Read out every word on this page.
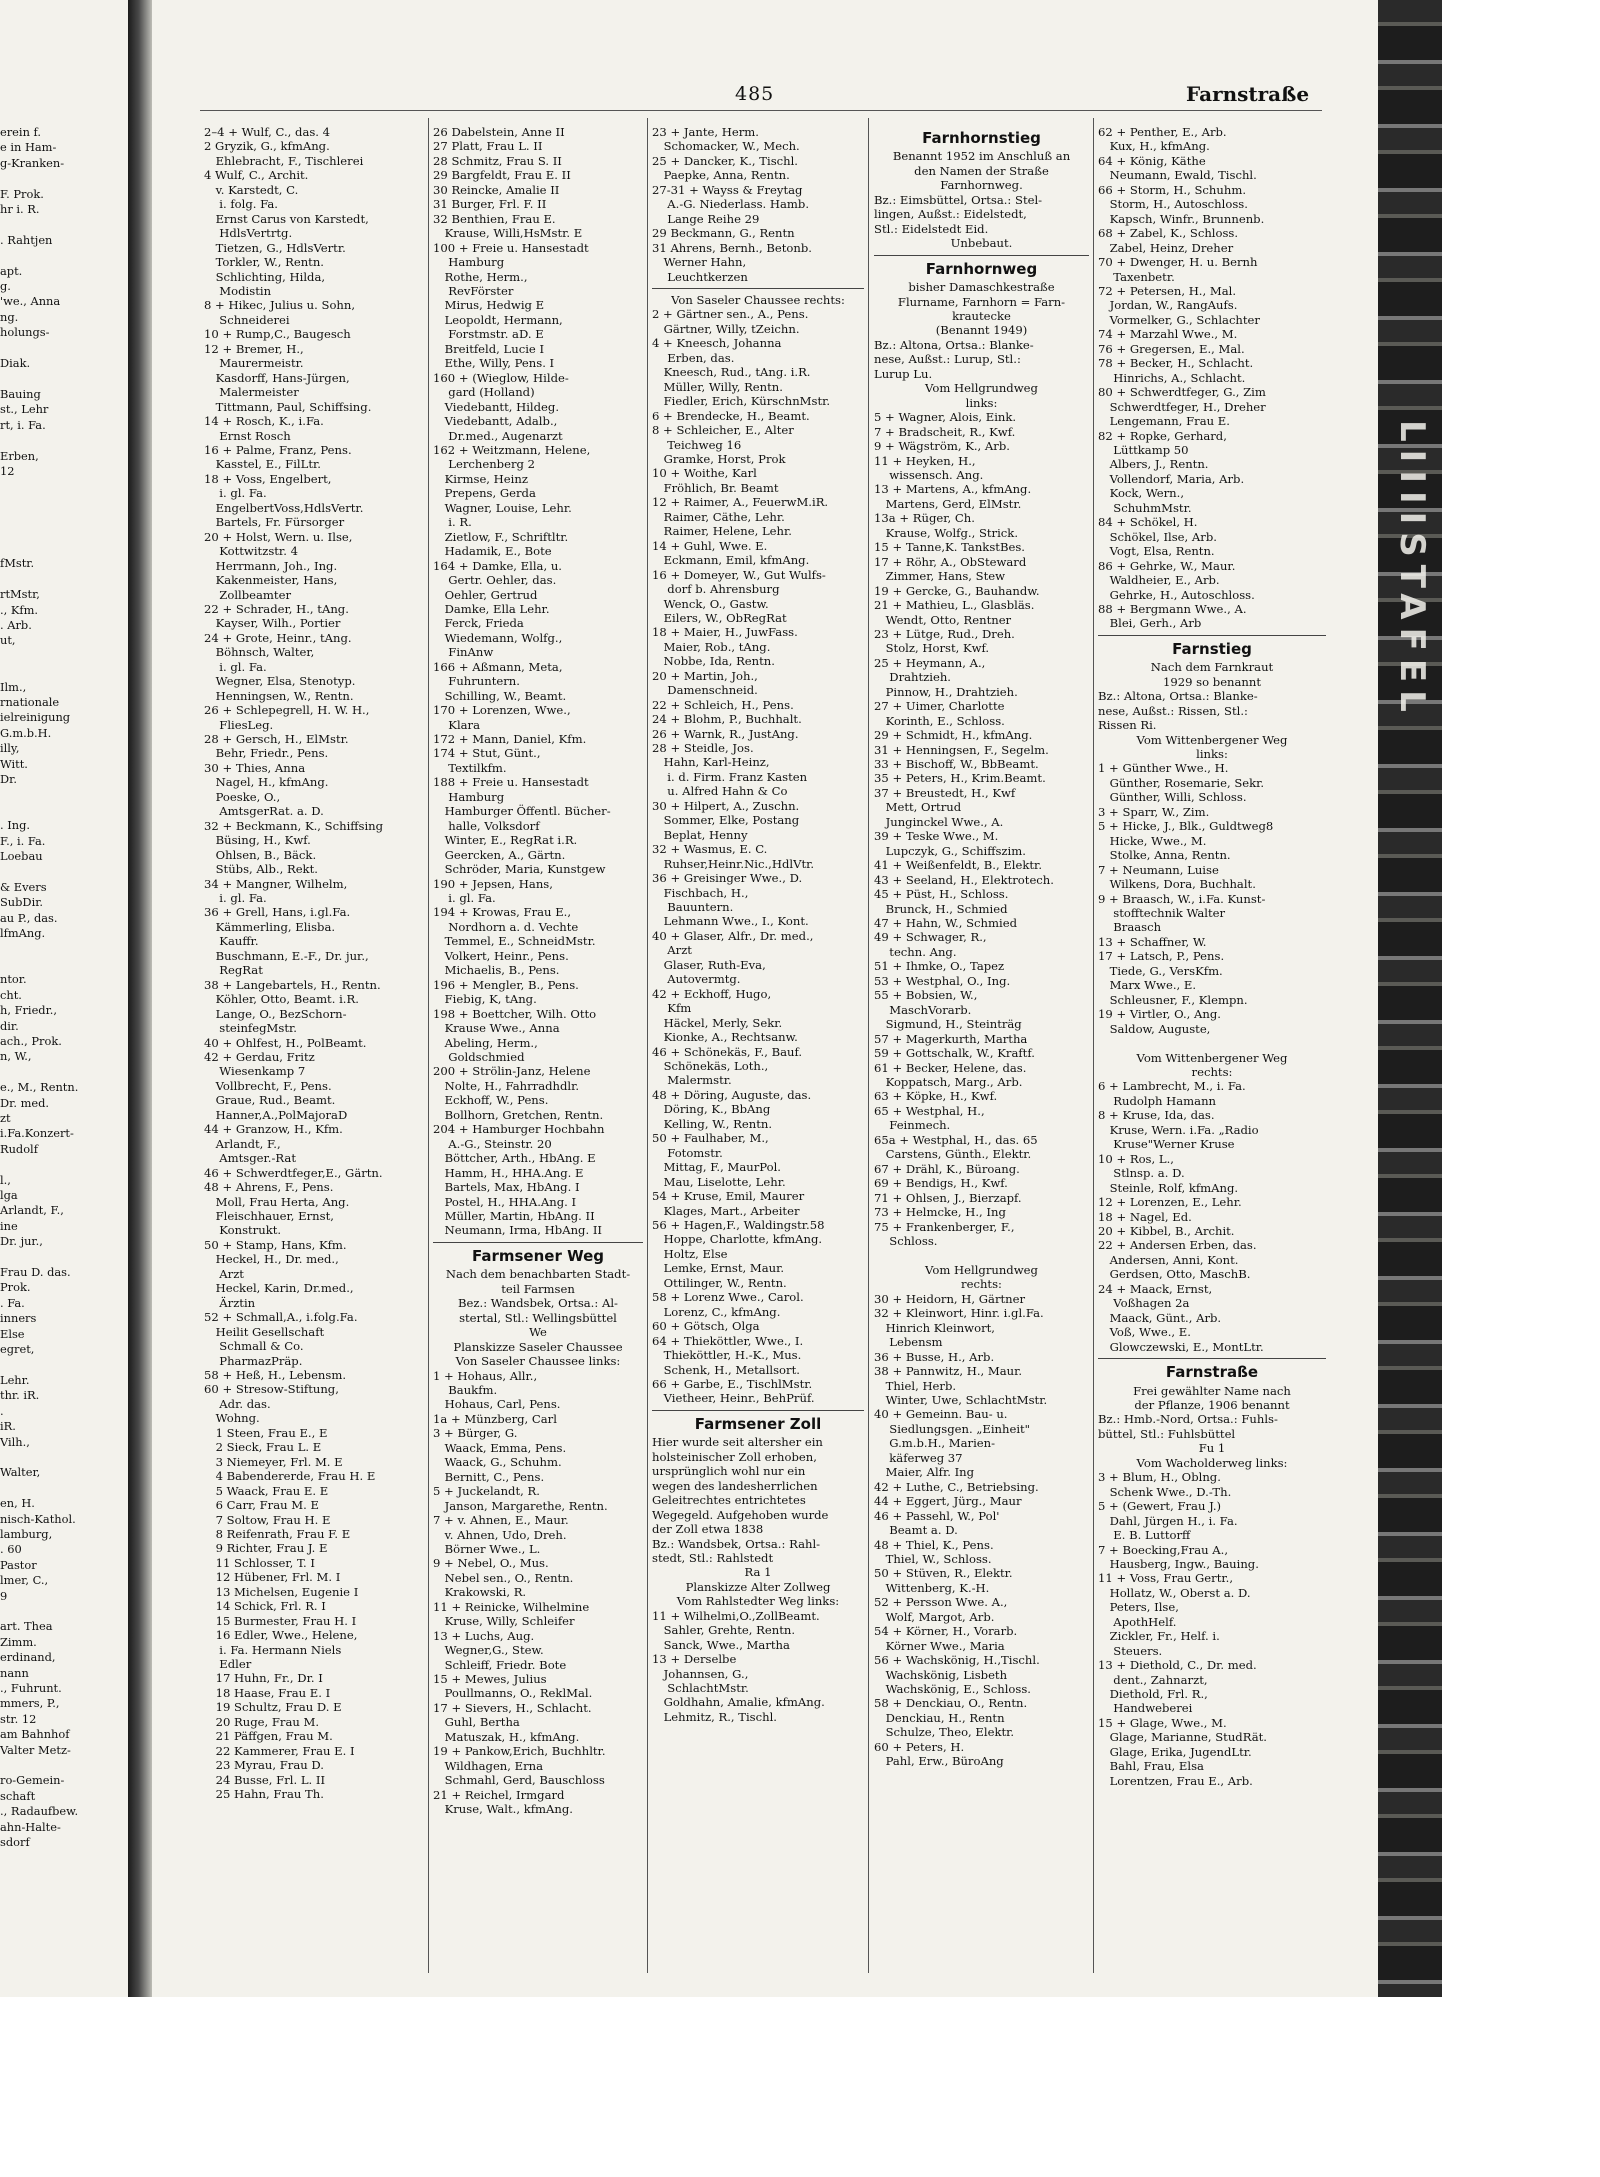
erein f.
e in Ham-
g-Kranken-

F. Prok.
hr i. R.

. Rahtjen

apt.
g.
'we., Anna
ng.
holungs-

Diak.

Bauing
st., Lehr
rt, i. Fa.

Erben,
12

fMstr.

rtMstr,
., Kfm.
. Arb.
ut,

Ilm.,
rnationale
ielreinigung
G.m.b.H.
illy,
Witt.
Dr.

. Ing.
F., i. Fa.
Loebau

& Evers
SubDir.
au P., das.
lfmAng.

ntor.
cht.
h, Friedr.,
dir.
ach., Prok.
n, W.,

e., M., Rentn.
Dr. med.
zt
i.Fa.Konzert-
Rudolf

l.,
lga
Arlandt, F.,
ine
Dr. jur.,

Frau D. das.
Prok.
. Fa.
inners
Else
egret,

Lehr.
thr. iR.
.
iR.
Vilh.,

Walter,

en, H.
nisch-Kathol.
lamburg,
. 60
Pastor
lmer, C.,
9

art. Thea
Zimm.
erdinand,
nann
., Fuhrunt.
mmers, P.,
str. 12
am Bahnhof
Valter Metz-

ro-Gemein-
schaft
., Radaufbew.
ahn-Halte-
sdorf
485	Farnstraße
2–4 + Wulf, C., das. 4
2 Gryzik, G., kfmAng.
 Ehlebracht, F., Tischlerei
4 Wulf, C., Archit.
 v. Karstedt, C.
  i. folg. Fa.
 Ernst Carus von Karstedt,
  HdlsVertrtg.
 Tietzen, G., HdlsVertr.
 Torkler, W., Rentn.
 Schlichting, Hilda,
  Modistin
8 + Hikec, Julius u. Sohn,
  Schneiderei
10 + Rump,C., Baugesch
12 + Bremer, H.,
  Maurermeistr.
 Kasdorff, Hans-Jürgen,
  Malermeister
 Tittmann, Paul, Schiffsing.
14 + Rosch, K., i.Fa.
  Ernst Rosch
16 + Palme, Franz, Pens.
 Kasstel, E., FilLtr.
18 + Voss, Engelbert,
  i. gl. Fa.
 EngelbertVoss,HdlsVertr.
 Bartels, Fr. Fürsorger
20 + Holst, Wern. u. Ilse,
  Kottwitzstr. 4
 Herrmann, Joh., Ing.
 Kakenmeister, Hans,
  Zollbeamter
22 + Schrader, H., tAng.
 Kayser, Wilh., Portier
24 + Grote, Heinr., tAng.
 Böhnsch, Walter,
  i. gl. Fa.
 Wegner, Elsa, Stenotyp.
 Henningsen, W., Rentn.
26 + Schlepegrell, H. W. H.,
  FliesLeg.
28 + Gersch, H., ElMstr.
 Behr, Friedr., Pens.
30 + Thies, Anna
 Nagel, H., kfmAng.
 Poeske, O.,
  AmtsgerRat. a. D.
32 + Beckmann, K., Schiffsing
 Büsing, H., Kwf.
 Ohlsen, B., Bäck.
 Stübs, Alb., Rekt.
34 + Mangner, Wilhelm,
  i. gl. Fa.
36 + Grell, Hans, i.gl.Fa.
 Kämmerling, Elisba.
  Kauffr.
 Buschmann, E.-F., Dr. jur.,
  RegRat
38 + Langebartels, H., Rentn.
 Köhler, Otto, Beamt. i.R.
 Lange, O., BezSchorn-
  steinfegMstr.
40 + Ohlfest, H., PolBeamt.
42 + Gerdau, Fritz
  Wiesenkamp 7
 Vollbrecht, F., Pens.
 Graue, Rud., Beamt.
 Hanner,A.,PolMajoraD
44 + Granzow, H., Kfm.
 Arlandt, F.,
  Amtsger.-Rat
46 + Schwerdtfeger,E., Gärtn.
48 + Ahrens, F., Pens.
 Moll, Frau Herta, Ang.
 Fleischhauer, Ernst,
  Konstrukt.
50 + Stamp, Hans, Kfm.
 Heckel, H., Dr. med.,
  Arzt
 Heckel, Karin, Dr.med.,
  Ärztin
52 + Schmall,A., i.folg.Fa.
 Heilit Gesellschaft
  Schmall & Co.
  PharmazPräp.
58 + Heß, H., Lebensm.
60 + Stresow-Stiftung,
  Adr. das.
 Wohng.
 1 Steen, Frau E., E
 2 Sieck, Frau L. E
 3 Niemeyer, Frl. M. E
 4 Babendererde, Frau H. E
 5 Waack, Frau E. E
 6 Carr, Frau M. E
 7 Soltow, Frau H. E
 8 Reifenrath, Frau F. E
 9 Richter, Frau J. E
 11 Schlosser, T. I
 12 Hübener, Frl. M. I
 13 Michelsen, Eugenie I
 14 Schick, Frl. R. I
 15 Burmester, Frau H. I
 16 Edler, Wwe., Helene,
  i. Fa. Hermann Niels
  Edler
 17 Huhn, Fr., Dr. I
 18 Haase, Frau E. I
 19 Schultz, Frau D. E
 20 Ruge, Frau M.
 21 Päffgen, Frau M.
 22 Kammerer, Frau E. I
 23 Myrau, Frau D.
 24 Busse, Frl. L. II
 25 Hahn, Frau Th.
26 Dabelstein, Anne II
27 Platt, Frau L. II
28 Schmitz, Frau S. II
29 Bargfeldt, Frau E. II
30 Reincke, Amalie II
31 Burger, Frl. F. II
32 Benthien, Frau E.
 Krause, Willi,HsMstr. E
100 + Freie u. Hansestadt
  Hamburg
 Rothe, Herm.,
  RevFörster
 Mirus, Hedwig E
 Leopoldt, Hermann,
  Forstmstr. aD. E
 Breitfeld, Lucie I
 Ethe, Willy, Pens. I
160 + (Wieglow, Hilde-
  gard (Holland)
 Viedebantt, Hildeg.
 Viedebantt, Adalb.,
  Dr.med., Augenarzt
162 + Weitzmann, Helene,
  Lerchenberg 2
 Kirmse, Heinz
 Prepens, Gerda
 Wagner, Louise, Lehr.
  i. R.
 Zietlow, F., Schriftltr.
 Hadamik, E., Bote
164 + Damke, Ella, u.
  Gertr. Oehler, das.
 Oehler, Gertrud
 Damke, Ella Lehr.
 Ferck, Frieda
 Wiedemann, Wolfg.,
  FinAnw
166 + Aßmann, Meta,
  Fuhruntern.
 Schilling, W., Beamt.
170 + Lorenzen, Wwe.,
  Klara
172 + Mann, Daniel, Kfm.
174 + Stut, Günt.,
  Textilkfm.
188 + Freie u. Hansestadt
  Hamburg
 Hamburger Öffentl. Bücher-
  halle, Volksdorf
 Winter, E., RegRat i.R.
 Geercken, A., Gärtn.
 Schröder, Maria, Kunstgew
190 + Jepsen, Hans,
  i. gl. Fa.
194 + Krowas, Frau E.,
  Nordhorn a. d. Vechte
 Temmel, E., SchneidMstr.
 Volkert, Heinr., Pens.
 Michaelis, B., Pens.
196 + Mengler, B., Pens.
 Fiebig, K, tAng.
198 + Boettcher, Wilh. Otto
 Krause Wwe., Anna
 Abeling, Herm.,
  Goldschmied
200 + Strölin-Janz, Helene
 Nolte, H., Fahrradhdlr.
 Eckhoff, W., Pens.
 Bollhorn, Gretchen, Rentn.
204 + Hamburger Hochbahn
  A.-G., Steinstr. 20
 Böttcher, Arth., HbAng. E
 Hamm, H., HHA.Ang. E
 Bartels, Max, HbAng. I
 Postel, H., HHA.Ang. I
 Müller, Martin, HbAng. II
 Neumann, Irma, HbAng. II
Farmsener Weg
Nach dem benachbarten Stadt-
teil Farmsen
Bez.: Wandsbek, Ortsa.: Al-
stertal, Stl.: Wellingsbüttel
We
Planskizze Saseler Chaussee
Von Saseler Chaussee links:
1 + Hohaus, Allr.,
  Baukfm.
 Hohaus, Carl, Pens.
1a + Münzberg, Carl
3 + Bürger, G.
 Waack, Emma, Pens.
 Waack, G., Schuhm.
 Bernitt, C., Pens.
5 + Juckelandt, R.
 Janson, Margarethe, Rentn.
7 + v. Ahnen, E., Maur.
 v. Ahnen, Udo, Dreh.
 Börner Wwe., L.
9 + Nebel, O., Mus.
 Nebel sen., O., Rentn.
 Krakowski, R.
11 + Reinicke, Wilhelmine
 Kruse, Willy, Schleifer
13 + Luchs, Aug.
 Wegner,G., Stew.
 Schleiff, Friedr. Bote
15 + Mewes, Julius
 Poullmanns, O., ReklMal.
17 + Sievers, H., Schlacht.
 Guhl, Bertha
 Matuszak, H., kfmAng.
19 + Pankow,Erich, Buchhltr.
 Wildhagen, Erna
 Schmahl, Gerd, Bauschloss
21 + Reichel, Irmgard
 Kruse, Walt., kfmAng.
23 + Jante, Herm.
 Schomacker, W., Mech.
25 + Dancker, K., Tischl.
 Paepke, Anna, Rentn.
27-31 + Wayss & Freytag
  A.-G. Niederlass. Hamb.
  Lange Reihe 29
29 Beckmann, G., Rentn
31 Ahrens, Bernh., Betonb.
 Werner Hahn,
  Leuchtkerzen
Von Saseler Chaussee rechts:
2 + Gärtner sen., A., Pens.
 Gärtner, Willy, tZeichn.
4 + Kneesch, Johanna
  Erben, das.
 Kneesch, Rud., tAng. i.R.
 Müller, Willy, Rentn.
 Fiedler, Erich, KürschnMstr.
6 + Brendecke, H., Beamt.
8 + Schleicher, E., Alter
  Teichweg 16
 Gramke, Horst, Prok
10 + Woithe, Karl
 Fröhlich, Br. Beamt
12 + Raimer, A., FeuerwM.iR.
 Raimer, Cäthe, Lehr.
 Raimer, Helene, Lehr.
14 + Guhl, Wwe. E.
 Eckmann, Emil, kfmAng.
16 + Domeyer, W., Gut Wulfs-
  dorf b. Ahrensburg
 Wenck, O., Gastw.
 Eilers, W., ObRegRat
18 + Maier, H., JuwFass.
 Maier, Rob., tAng.
 Nobbe, Ida, Rentn.
20 + Martin, Joh.,
  Damenschneid.
22 + Schleich, H., Pens.
24 + Blohm, P., Buchhalt.
26 + Warnk, R., JustAng.
28 + Steidle, Jos.
 Hahn, Karl-Heinz,
  i. d. Firm. Franz Kasten
  u. Alfred Hahn & Co
30 + Hilpert, A., Zuschn.
 Sommer, Elke, Postang
 Beplat, Henny
32 + Wasmus, E. C.
 Ruhser,Heinr.Nic.,HdlVtr.
36 + Greisinger Wwe., D.
 Fischbach, H.,
  Bauuntern.
 Lehmann Wwe., I., Kont.
40 + Glaser, Alfr., Dr. med.,
  Arzt
 Glaser, Ruth-Eva,
  Autovermtg.
42 + Eckhoff, Hugo,
  Kfm
 Häckel, Merly, Sekr.
 Kionke, A., Rechtsanw.
46 + Schönekäs, F., Bauf.
 Schönekäs, Loth.,
  Malermstr.
48 + Döring, Auguste, das.
 Döring, K., BbAng
 Kelling, W., Rentn.
50 + Faulhaber, M.,
  Fotomstr.
 Mittag, F., MaurPol.
 Mau, Liselotte, Lehr.
54 + Kruse, Emil, Maurer
 Klages, Mart., Arbeiter
56 + Hagen,F., Waldingstr.58
 Hoppe, Charlotte, kfmAng.
 Holtz, Else
 Lemke, Ernst, Maur.
 Ottilinger, W., Rentn.
58 + Lorenz Wwe., Carol.
 Lorenz, C., kfmAng.
60 + Götsch, Olga
64 + Thieköttler, Wwe., I.
 Thieköttler, H.-K., Mus.
 Schenk, H., Metallsort.
66 + Garbe, E., TischlMstr.
 Vietheer, Heinr., BehPrüf.
Farmsener Zoll
Hier wurde seit altersher ein
holsteinischer Zoll erhoben,
ursprünglich wohl nur ein
wegen des landesherrlichen
Geleitrechtes entrichtetes
Wegegeld. Aufgehoben wurde
der Zoll etwa 1838
Bz.: Wandsbek, Ortsa.: Rahl-
stedt, Stl.: Rahlstedt
Ra 1
Planskizze Alter Zollweg
Vom Rahlstedter Weg links:
11 + Wilhelmi,O.,ZollBeamt.
 Sahler, Grehte, Rentn.
 Sanck, Wwe., Martha
13 + Derselbe
 Johannsen, G.,
  SchlachtMstr.
 Goldhahn, Amalie, kfmAng.
 Lehmitz, R., Tischl.
Farnhornstieg
Benannt 1952 im Anschluß an
den Namen der Straße
Farnhornweg.
Bz.: Eimsbüttel, Ortsa.: Stel-
lingen, Außst.: Eidelstedt,
Stl.: Eidelstedt Eid.
Unbebaut.
Farnhornweg
bisher Damaschkestraße
Flurname, Farnhorn = Farn-
krautecke
(Benannt 1949)
Bz.: Altona, Ortsa.: Blanke-
nese, Außst.: Lurup, Stl.:
Lurup Lu.
Vom Hellgrundweg
links:
5 + Wagner, Alois, Eink.
7 + Bradscheit, R., Kwf.
9 + Wägström, K., Arb.
11 + Heyken, H.,
  wissensch. Ang.
13 + Martens, A., kfmAng.
 Martens, Gerd, ElMstr.
13a + Rüger, Ch.
 Krause, Wolfg., Strick.
15 + Tanne,K. TankstBes.
17 + Röhr, A., ObSteward
 Zimmer, Hans, Stew
19 + Gercke, G., Bauhandw.
21 + Mathieu, L., Glasbläs.
 Wendt, Otto, Rentner
23 + Lütge, Rud., Dreh.
 Stolz, Horst, Kwf.
25 + Heymann, A.,
  Drahtzieh.
 Pinnow, H., Drahtzieh.
27 + Uimer, Charlotte
 Korinth, E., Schloss.
29 + Schmidt, H., kfmAng.
31 + Henningsen, F., Segelm.
33 + Bischoff, W., BbBeamt.
35 + Peters, H., Krim.Beamt.
37 + Breustedt, H., Kwf
 Mett, Ortrud
 Junginckel Wwe., A.
39 + Teske Wwe., M.
 Lupczyk, G., Schiffszim.
41 + Weißenfeldt, B., Elektr.
43 + Seeland, H., Elektrotech.
45 + Püst, H., Schloss.
 Brunck, H., Schmied
47 + Hahn, W., Schmied
49 + Schwager, R.,
  techn. Ang.
51 + Ihmke, O., Tapez
53 + Westphal, O., Ing.
55 + Bobsien, W.,
  MaschVorarb.
 Sigmund, H., Steinträg
57 + Magerkurth, Martha
59 + Gottschalk, W., Kraftf.
61 + Becker, Helene, das.
 Koppatsch, Marg., Arb.
63 + Köpke, H., Kwf.
65 + Westphal, H.,
  Feinmech.
65a + Westphal, H., das. 65
 Carstens, Günth., Elektr.
67 + Drähl, K., Büroang.
69 + Bendigs, H., Kwf.
71 + Ohlsen, J., Bierzapf.
73 + Helmcke, H., Ing
75 + Frankenberger, F.,
  Schloss.

Vom Hellgrundweg
rechts:
30 + Heidorn, H, Gärtner
32 + Kleinwort, Hinr. i.gl.Fa.
 Hinrich Kleinwort,
  Lebensm
36 + Busse, H., Arb.
38 + Pannwitz, H., Maur.
 Thiel, Herb.
 Winter, Uwe, SchlachtMstr.
40 + Gemeinn. Bau- u.
  Siedlungsgen. „Einheit"
  G.m.b.H., Marien-
  käferweg 37
 Maier, Alfr. Ing
42 + Luthe, C., Betriebsing.
44 + Eggert, Jürg., Maur
46 + Passehl, W., Pol'
  Beamt a. D.
48 + Thiel, K., Pens.
 Thiel, W., Schloss.
50 + Stüven, R., Elektr.
 Wittenberg, K.-H.
52 + Persson Wwe. A.,
 Wolf, Margot, Arb.
54 + Körner, H., Vorarb.
 Körner Wwe., Maria
56 + Wachskönig, H.,Tischl.
 Wachskönig, Lisbeth
 Wachskönig, E., Schloss.
58 + Denckiau, O., Rentn.
 Denckiau, H., Rentn
 Schulze, Theo, Elektr.
60 + Peters, H.
 Pahl, Erw., BüroAng
62 + Penther, E., Arb.
 Kux, H., kfmAng.
64 + König, Käthe
 Neumann, Ewald, Tischl.
66 + Storm, H., Schuhm.
 Storm, H., Autoschloss.
 Kapsch, Winfr., Brunnenb.
68 + Zabel, K., Schloss.
 Zabel, Heinz, Dreher
70 + Dwenger, H. u. Bernh
  Taxenbetr.
72 + Petersen, H., Mal.
 Jordan, W., RangAufs.
 Vormelker, G., Schlachter
74 + Marzahl Wwe., M.
76 + Gregersen, E., Mal.
78 + Becker, H., Schlacht.
  Hinrichs, A., Schlacht.
80 + Schwerdtfeger, G., Zim
 Schwerdtfeger, H., Dreher
 Lengemann, Frau E.
82 + Ropke, Gerhard,
  Lüttkamp 50
 Albers, J., Rentn.
 Vollendorf, Maria, Arb.
 Kock, Wern.,
  SchuhmMstr.
84 + Schökel, H.
 Schökel, Ilse, Arb.
 Vogt, Elsa, Rentn.
86 + Gehrke, W., Maur.
 Waldheier, E., Arb.
 Gehrke, H., Autoschloss.
88 + Bergmann Wwe., A.
 Blei, Gerh., Arb
Farnstieg
Nach dem Farnkraut
1929 so benannt
Bz.: Altona, Ortsa.: Blanke-
nese, Außst.: Rissen, Stl.:
Rissen Ri.
Vom Wittenbergener Weg
links:
1 + Günther Wwe., H.
 Günther, Rosemarie, Sekr.
 Günther, Willi, Schloss.
3 + Sparr, W., Zim.
5 + Hicke, J., Blk., Guldtweg8
 Hicke, Wwe., M.
 Stolke, Anna, Rentn.
7 + Neumann, Luise
 Wilkens, Dora, Buchhalt.
9 + Braasch, W., i.Fa. Kunst-
  stofftechnik Walter
  Braasch
13 + Schaffner, W.
17 + Latsch, P., Pens.
 Tiede, G., VersKfm.
 Marx Wwe., E.
 Schleusner, F., Klempn.
19 + Virtler, O., Ang.
 Saldow, Auguste,

Vom Wittenbergener Weg
rechts:
6 + Lambrecht, M., i. Fa.
  Rudolph Hamann
8 + Kruse, Ida, das.
 Kruse, Wern. i.Fa. „Radio
  Kruse"Werner Kruse
10 + Ros, L.,
  Stlnsp. a. D.
 Steinle, Rolf, kfmAng.
12 + Lorenzen, E., Lehr.
18 + Nagel, Ed.
20 + Kibbel, B., Archit.
22 + Andersen Erben, das.
 Andersen, Anni, Kont.
 Gerdsen, Otto, MaschB.
24 + Maack, Ernst,
  Voßhagen 2a
 Maack, Günt., Arb.
 Voß, Wwe., E.
 Glowczewski, E., MontLtr.
Farnstraße
Frei gewählter Name nach
der Pflanze, 1906 benannt
Bz.: Hmb.-Nord, Ortsa.: Fuhls-
büttel, Stl.: Fuhlsbüttel
Fu 1
Vom Wacholderweg links:
3 + Blum, H., Oblng.
 Schenk Wwe., D.-Th.
5 + (Gewert, Frau J.)
 Dahl, Jürgen H., i. Fa.
  E. B. Luttorff
7 + Boecking,Frau A.,
 Hausberg, Ingw., Bauing.
11 + Voss, Frau Gertr.,
 Hollatz, W., Oberst a. D.
 Peters, Ilse,
  ApothHelf.
 Zickler, Fr., Helf. i.
  Steuers.
13 + Diethold, C., Dr. med.
  dent., Zahnarzt,
 Diethold, Frl. R.,
  Handweberei
15 + Glage, Wwe., M.
 Glage, Marianne, StudRät.
 Glage, Erika, JugendLtr.
 Bahl, Frau, Elsa
 Lorentzen, Frau E., Arb.
LIIIISTAFEL
